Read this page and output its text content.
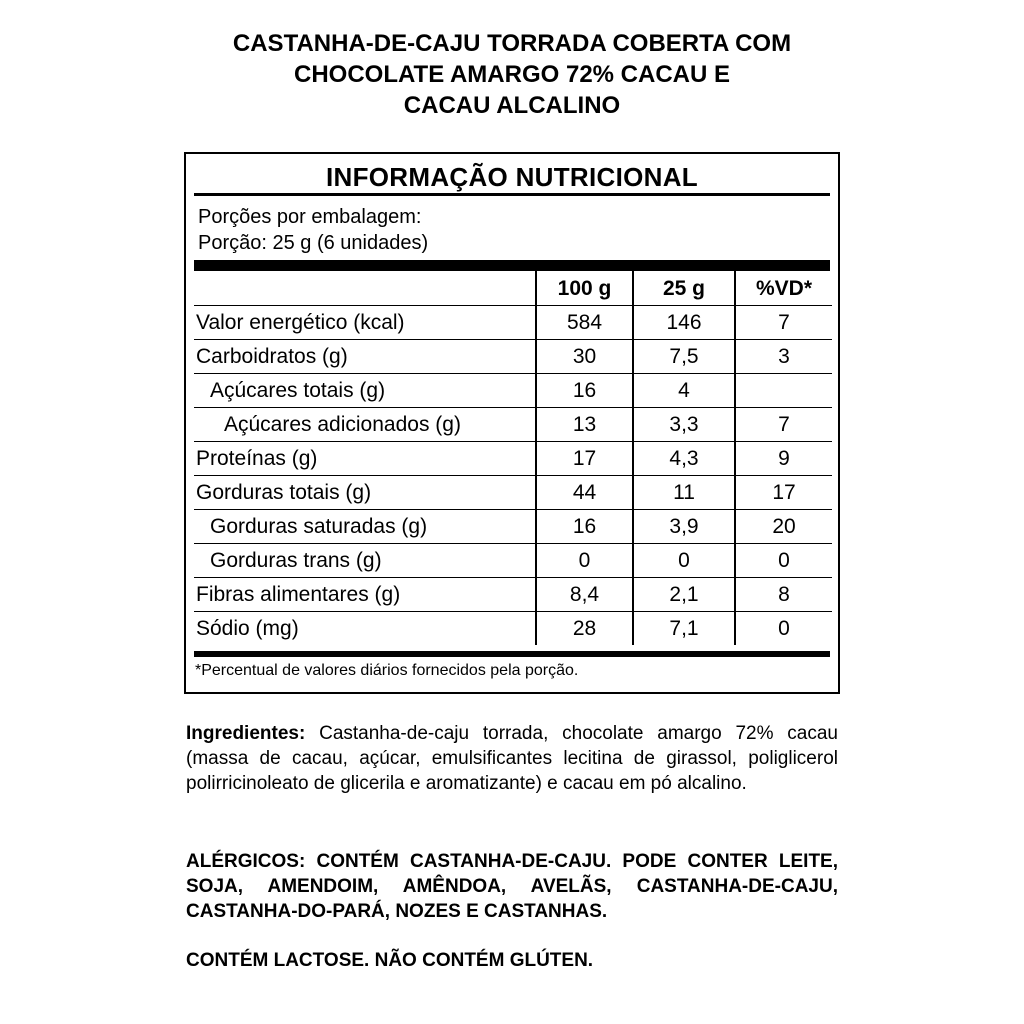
CASTANHA-DE-CAJU TORRADA COBERTA COM
CHOCOLATE AMARGO 72% CACAU E
CACAU ALCALINO
INFORMAÇÃO NUTRICIONAL
Porções por embalagem:
Porção: 25 g (6 unidades)
	100 g	25 g	%VD*
Valor energético (kcal)	584	146	7
Carboidratos (g)	30	7,5	3
Açúcares totais (g)	16	4	
Açúcares adicionados (g)	13	3,3	7
Proteínas (g)	17	4,3	9
Gorduras totais (g)	44	11	17
Gorduras saturadas (g)	16	3,9	20
Gorduras trans (g)	0	0	0
Fibras alimentares (g)	8,4	2,1	8
Sódio (mg)	28	7,1	0
*Percentual de valores diários fornecidos pela porção.
Ingredientes: Castanha-de-caju torrada, chocolate amargo 72% cacau (massa de cacau, açúcar, emulsificantes lecitina de girassol, poliglicerol polirricinoleato de glicerila e aromatizante) e cacau em pó alcalino.
ALÉRGICOS: CONTÉM CASTANHA-DE-CAJU. PODE CONTER LEITE, SOJA, AMENDOIM, AMÊNDOA, AVELÃS, CASTANHA-DE-CAJU, CASTANHA-DO-PARÁ, NOZES E CASTANHAS.
CONTÉM LACTOSE. NÃO CONTÉM GLÚTEN.
